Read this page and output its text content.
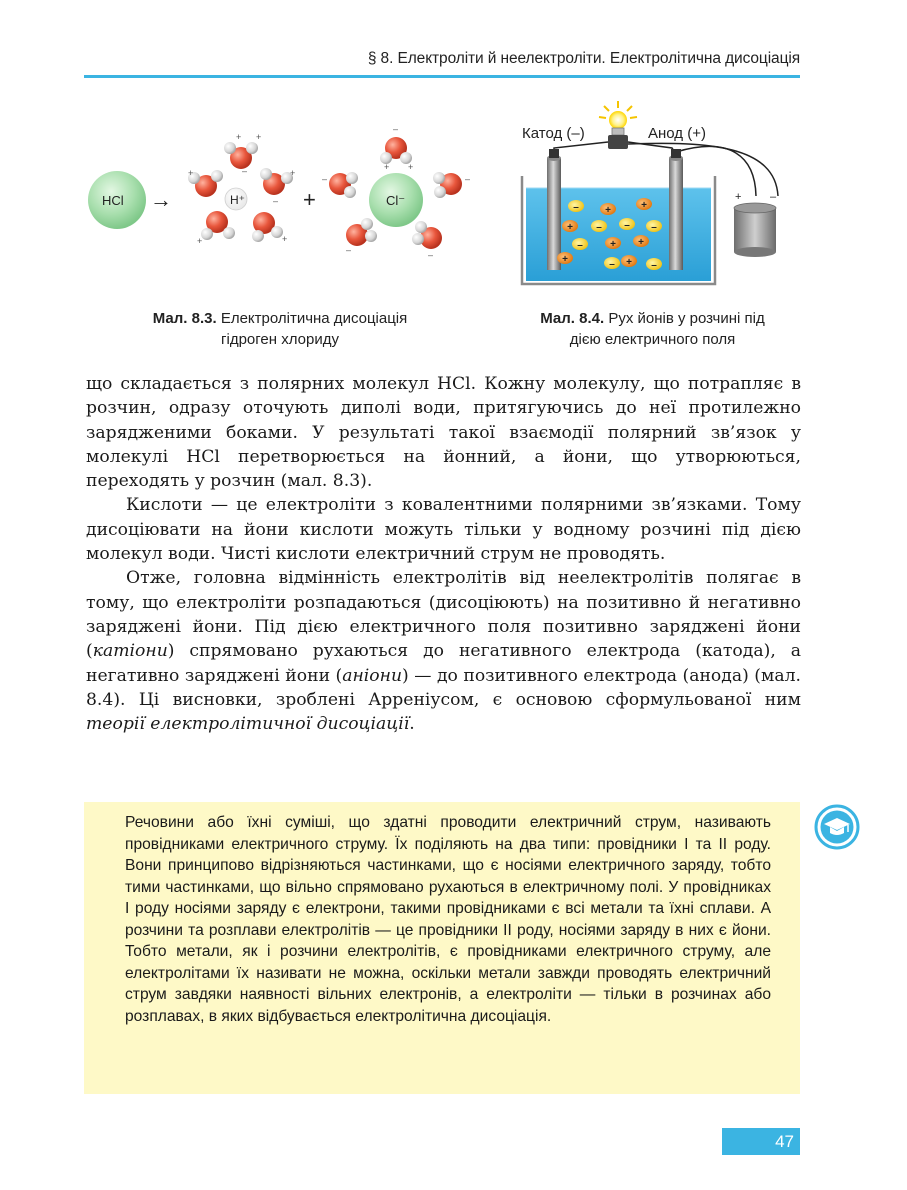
§ 8. Електроліти й неелектроліти. Електролітична дисоціація
HCl →	H⁺	+	Cl⁻
+ +
+	+
+	+
–
–
–
+ +
–	–
–	–
Катод (–)	Анод (+)
+	–
–	+	+
+ – – –
–	+ +
+	– + –
Мал. 8.3. Електролітична дисоціація
гідроген хлориду
Мал. 8.4. Рух йонів у розчині під
дією електричного поля

що складається з полярних молекул HCl. Кожну молекулу, що потрапляє в розчин, одразу оточують диполі води, притягуючись до неї протилежно зарядженими боками. У результаті такої взаємодії полярний зв’язок у молекулі HCl перетворюється на йонний, а йони, що утворюються, переходять у розчин (мал. 8.3).

Кислоти — це електроліти з ковалентними полярними зв’язками. Тому дисоціювати на йони кислоти можуть тільки у водному розчині під дією молекул води. Чисті кислоти електричний струм не проводять.

Отже, головна відмінність електролітів від неелектролітів полягає в тому, що електроліти розпадаються (дисоціюють) на позитивно й негативно заряджені йони. Під дією електричного поля позитивно заряджені йони (катіони) спрямовано рухаються до негативного електрода (катода), а негативно заряджені йони (аніони) — до позитивного електрода (анода) (мал. 8.4). Ці висновки, зроблені Арреніусом, є основою сформульованої ним теорії електролітичної дисоціації.

Речовини або їхні суміші, що здатні проводити електричний струм, називають провідниками електричного струму. Їх поділяють на два типи: провідники I та II роду. Вони принципово відрізняються частинками, що є носіями електричного заряду, тобто тими частинками, що вільно спрямовано рухаються в електричному полі. У провідниках I роду носіями заряду є електрони, такими провідниками є всі метали та їхні сплави. А розчини та розплави електролітів — це провідники II роду, носіями заряду в них є йони. Тобто метали, як і розчини електролітів, є провідниками електричного струму, але електролітами їх називати не можна, оскільки метали завжди проводять електричний струм завдяки наявності вільних електронів, а електроліти — тільки в розчинах або розплавах, в яких відбувається електролітична дисоціація.
47
